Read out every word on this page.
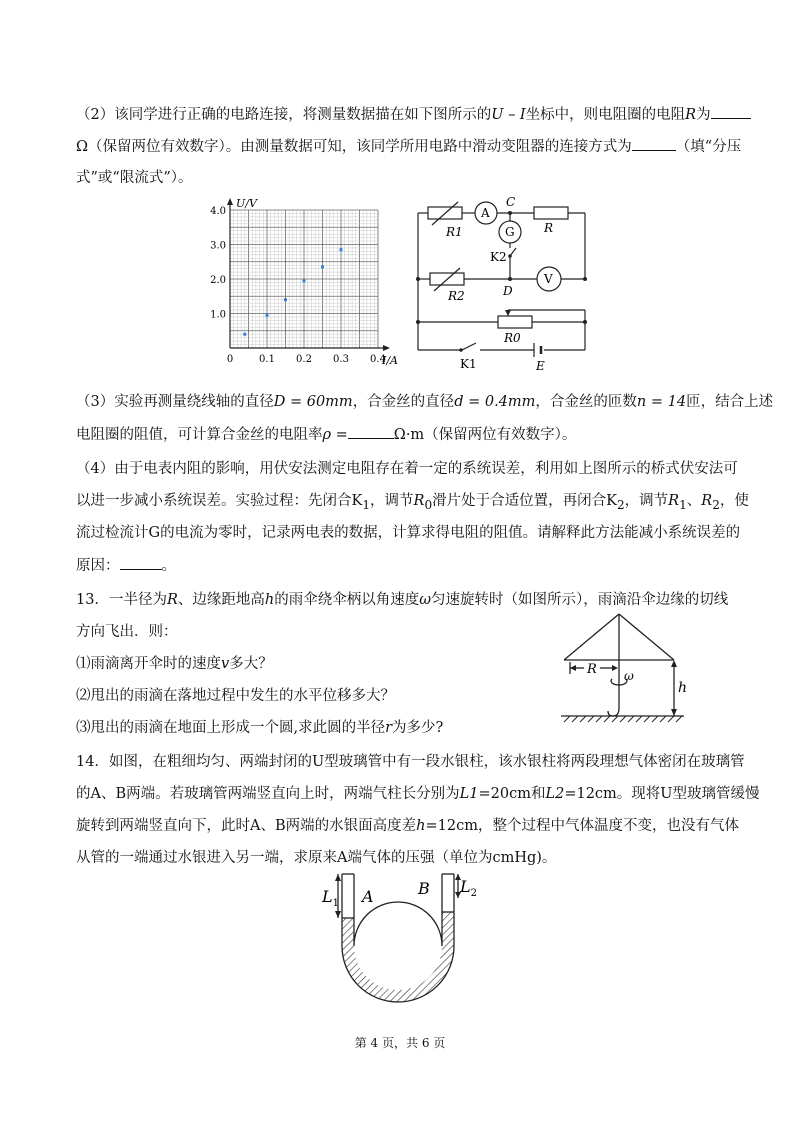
（2）该同学进行正确的电路连接，将测量数据描在如下图所示的U – I坐标中，则电阻圈的电阻R为
Ω（保留两位有效数字）。由测量数据可知，该同学所用电路中滑动变阻器的连接方式为	（填“分压
式”或“限流式”）。
0	0.1 0.2 0.3 0.4
1.0
2.0
3.0
4.0
U/V
I/A
A
G
V
C
D
R1	R
R2
R0
K2
K1	E
（3）实验再测量绕线轴的直径D = 60mm，合金丝的直径d = 0.4mm，合金丝的匝数n = 14匝，结合上述
电阻圈的阻值，可计算合金丝的电阻率ρ =	Ω·m（保留两位有效数字）。
（4）由于电表内阻的影响，用伏安法测定电阻存在着一定的系统误差，利用如上图所示的桥式伏安法可
以进一步减小系统误差。实验过程：先闭合$K_1$，调节$R_0$滑片处于合适位置，再闭合$K_2$，调节$R_1$、$R_2$，使
流过检流计G的电流为零时，记录两电表的数据，计算求得电阻的阻值。请解释此方法能减小系统误差的
原因：	。
13．一半径为R、边缘距地高h的雨伞绕伞柄以角速度ω匀速旋转时（如图所示），雨滴沿伞边缘的切线
方向飞出．则：
⑴雨滴离开伞时的速度v多大？
⑵甩出的雨滴在落地过程中发生的水平位移多大？
⑶甩出的雨滴在地面上形成一个圆,求此圆的半径r为多少?
R ω
h
14．如图，在粗细均匀、两端封闭的U型玻璃管中有一段水银柱，该水银柱将两段理想气体密闭在玻璃管
的A、B两端。若玻璃管两端竖直向上时，两端气柱长分别为L1=20cm和L2=12cm。现将U型玻璃管缓慢
旋转到两端竖直向下，此时A、B两端的水银面高度差h=12cm，整个过程中气体温度不变，也没有气体
从管的一端通过水银进入另一端，求原来A端气体的压强（单位为cmHg)。
$L_1$ A	B $L_2$
第 4 页，共 6 页
